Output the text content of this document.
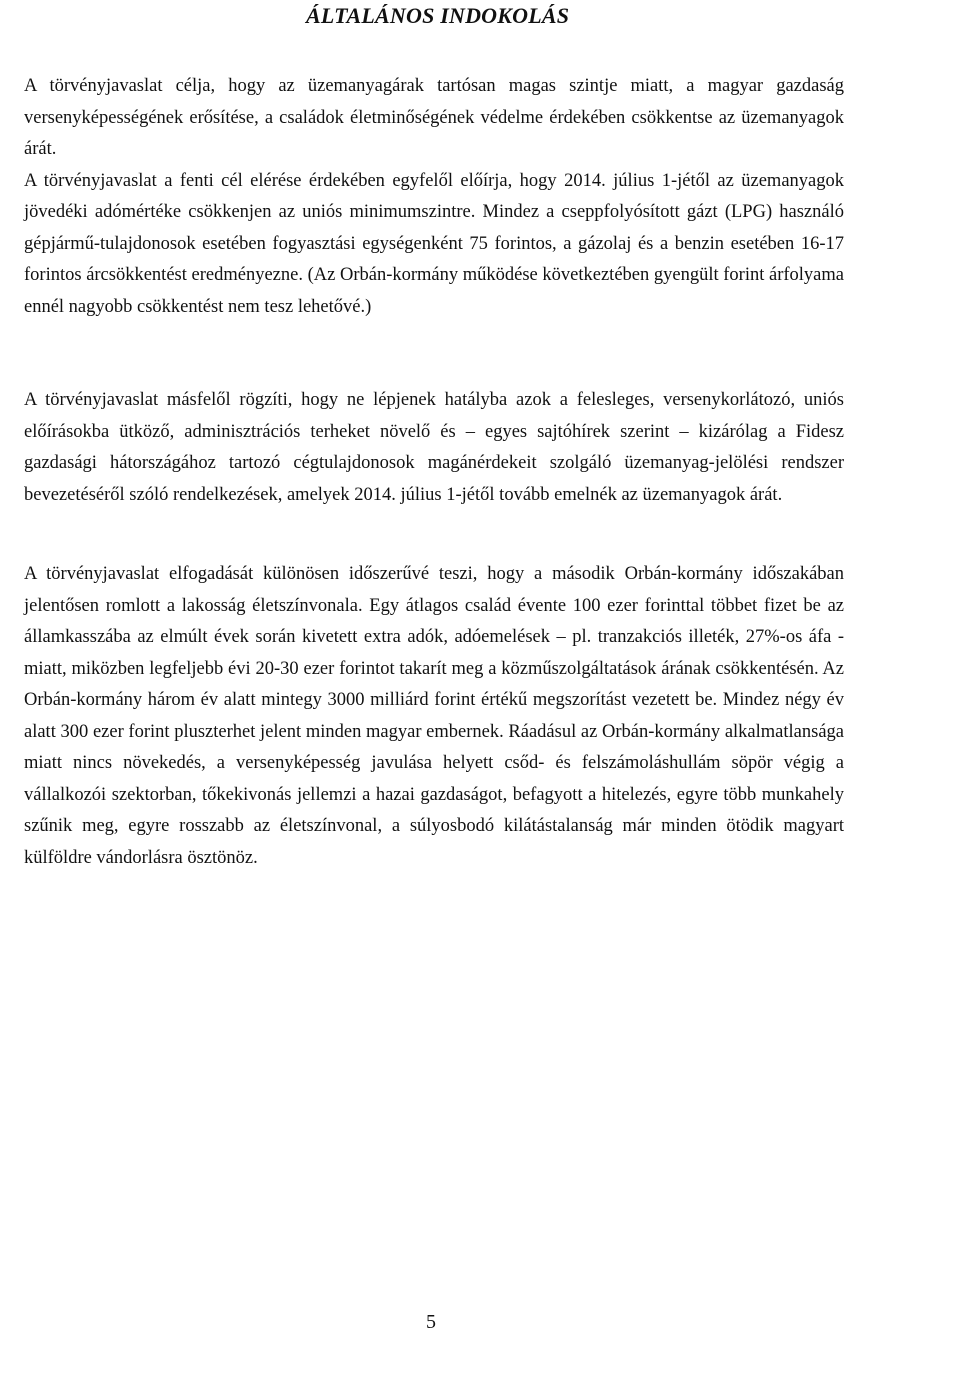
ÁLTALÁNOS INDOKOLÁS
A törvényjavaslat célja, hogy az üzemanyagárak tartósan magas szintje miatt, a magyar gazdaság versenyképességének erősítése, a családok életminőségének védelme érdekében csökkentse az üzemanyagok árát.
A törvényjavaslat a fenti cél elérése érdekében egyfelől előírja, hogy 2014. július 1-jétől az üzemanyagok jövedéki adómértéke csökkenjen az uniós minimumszintre. Mindez a cseppfolyósított gázt (LPG) használó gépjármű-tulajdonosok esetében fogyasztási egységenként 75 forintos, a gázolaj és a benzin esetében 16-17 forintos árcsökkentést eredményezne. (Az Orbán-kormány működése következtében gyengült forint árfolyama ennél nagyobb csökkentést nem tesz lehetővé.)

A törvényjavaslat másfelől rögzíti, hogy ne lépjenek hatályba azok a felesleges, versenykorlátozó, uniós előírásokba ütköző, adminisztrációs terheket növelő és – egyes sajtóhírek szerint – kizárólag a Fidesz gazdasági hátországához tartozó cégtulajdonosok magánérdekeit szolgáló üzemanyag-jelölési rendszer bevezetéséről szóló rendelkezések, amelyek 2014. július 1-jétől tovább emelnék az üzemanyagok árát.

A törvényjavaslat elfogadását különösen időszerűvé teszi, hogy a második Orbán-kormány időszakában jelentősen romlott a lakosság életszínvonala. Egy átlagos család évente 100 ezer forinttal többet fizet be az államkasszába az elmúlt évek során kivetett extra adók, adóemelések – pl. tranzakciós illeték, 27%-os áfa - miatt, miközben legfeljebb évi 20-30 ezer forintot takarít meg a közműszolgáltatások árának csökkentésén. Az Orbán-kormány három év alatt mintegy 3000 milliárd forint értékű megszorítást vezetett be. Mindez négy év alatt 300 ezer forint pluszterhet jelent minden magyar embernek. Ráadásul az Orbán-kormány alkalmatlansága miatt nincs növekedés, a versenyképesség javulása helyett csőd- és felszámoláshullám söpör végig a vállalkozói szektorban, tőkekivonás jellemzi a hazai gazdaságot, befagyott a hitelezés, egyre több munkahely szűnik meg, egyre rosszabb az életszínvonal, a súlyosbodó kilátástalanság már minden ötödik magyart külföldre vándorlásra ösztönöz.

5
